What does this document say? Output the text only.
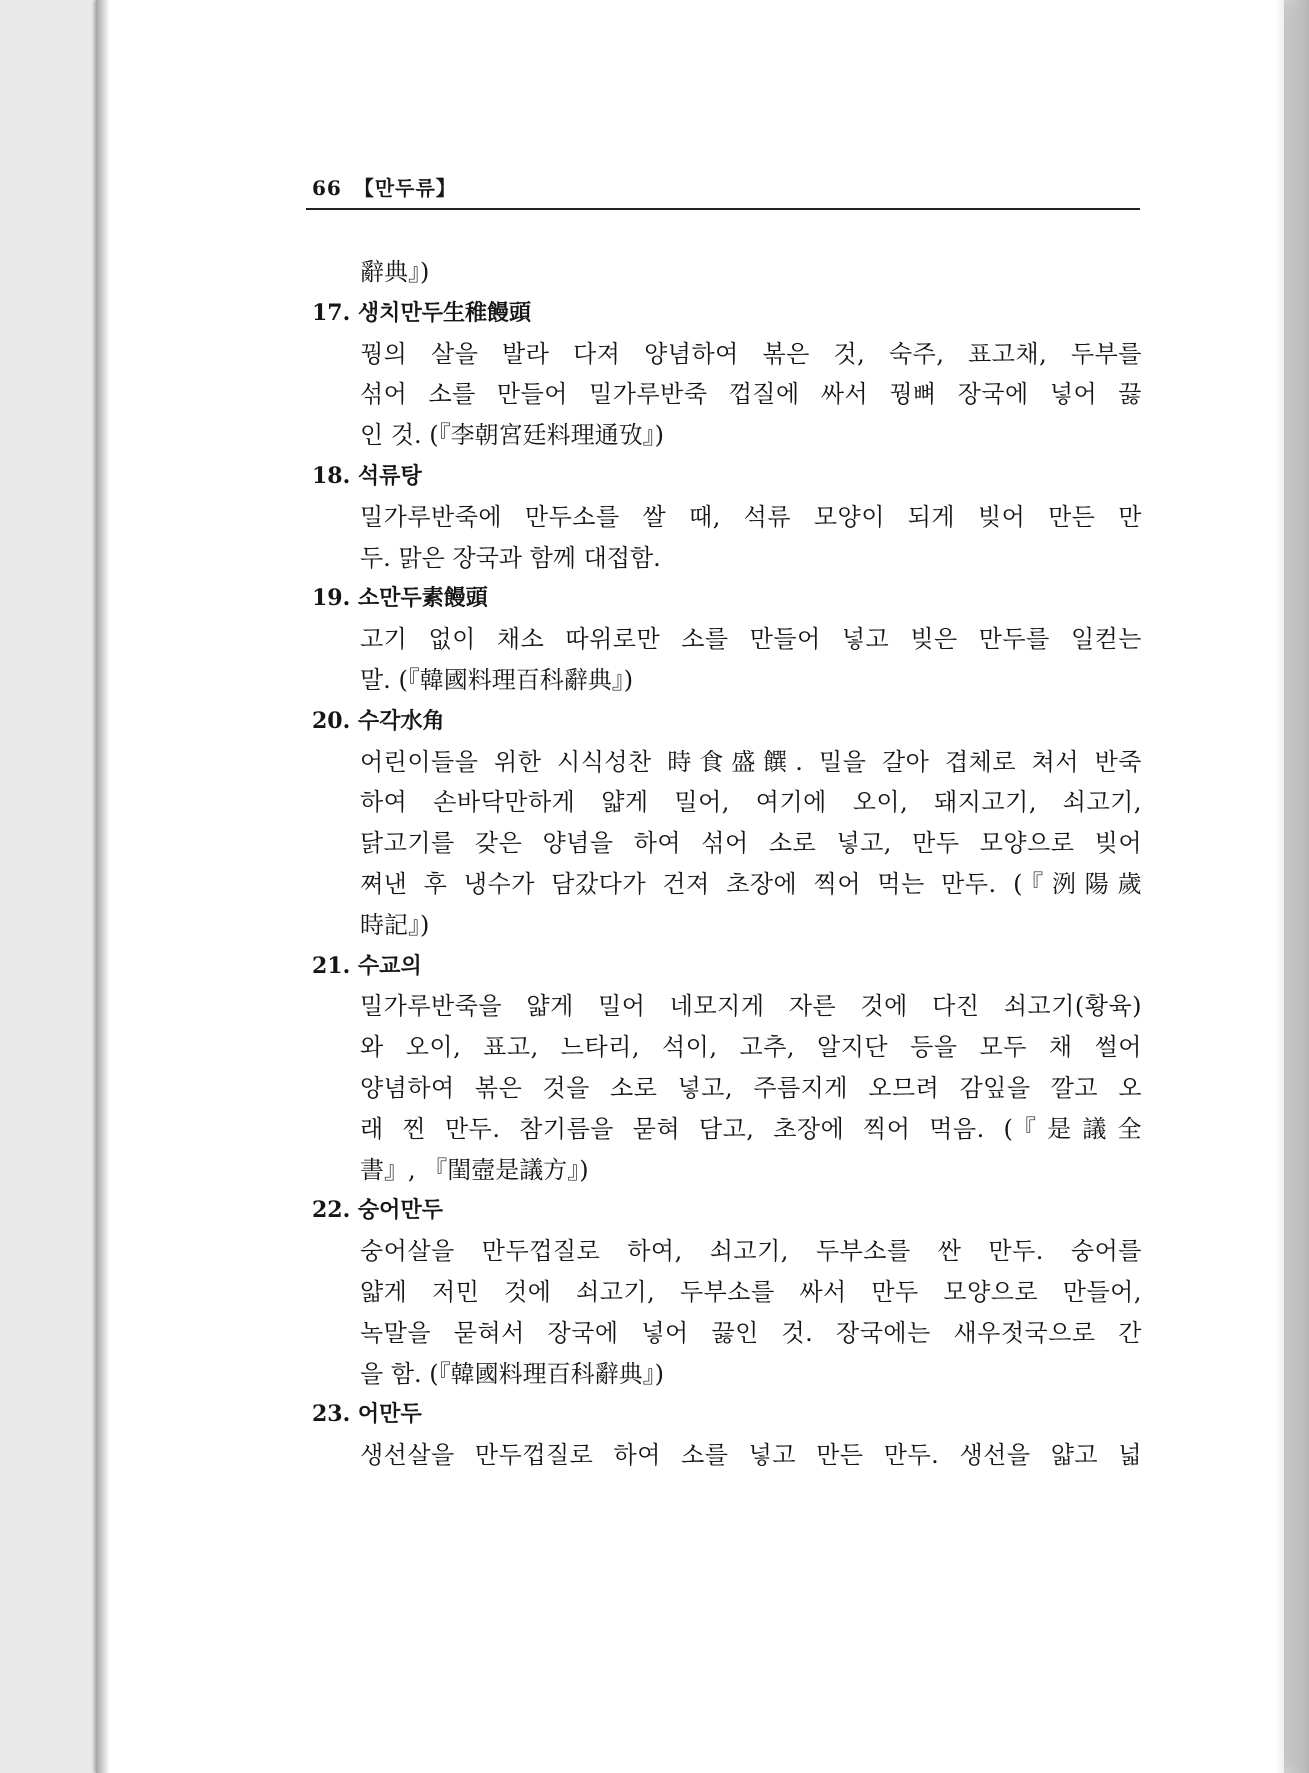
66 【만두류】
辭典』)
17. 생치만두生稚饅頭
꿩의 살을 발라 다져 양념하여 볶은 것, 숙주, 표고채, 두부를
섞어 소를 만들어 밀가루반죽 껍질에 싸서 꿩뼈 장국에 넣어 끓
인 것. (『李朝宮廷料理通攷』)
18. 석류탕
밀가루반죽에 만두소를 쌀 때, 석류 모양이 되게 빚어 만든 만
두. 맑은 장국과 함께 대접함.
19. 소만두素饅頭
고기 없이 채소 따위로만 소를 만들어 넣고 빚은 만두를 일컫는
말. (『韓國料理百科辭典』)
20. 수각水角
어린이들을 위한 시식성찬 時食盛饌. 밀을 갈아 겹체로 쳐서 반죽
하여 손바닥만하게 얇게 밀어, 여기에 오이, 돼지고기, 쇠고기,
닭고기를 갖은 양념을 하여 섞어 소로 넣고, 만두 모양으로 빚어
쪄낸 후 냉수가 담갔다가 건져 초장에 찍어 먹는 만두. (『洌陽歲
時記』)
21. 수교의
밀가루반죽을 얇게 밀어 네모지게 자른 것에 다진 쇠고기(황육)
와 오이, 표고, 느타리, 석이, 고추, 알지단 등을 모두 채 썰어
양념하여 볶은 것을 소로 넣고, 주름지게 오므려 감잎을 깔고 오
래 찐 만두. 참기름을 묻혀 담고, 초장에 찍어 먹음. (『是議全
書』, 『閨壼是議方』)
22. 숭어만두
숭어살을 만두껍질로 하여, 쇠고기, 두부소를 싼 만두. 숭어를
얇게 저민 것에 쇠고기, 두부소를 싸서 만두 모양으로 만들어,
녹말을 묻혀서 장국에 넣어 끓인 것. 장국에는 새우젓국으로 간
을 함. (『韓國料理百科辭典』)
23. 어만두
생선살을 만두껍질로 하여 소를 넣고 만든 만두. 생선을 얇고 넓
